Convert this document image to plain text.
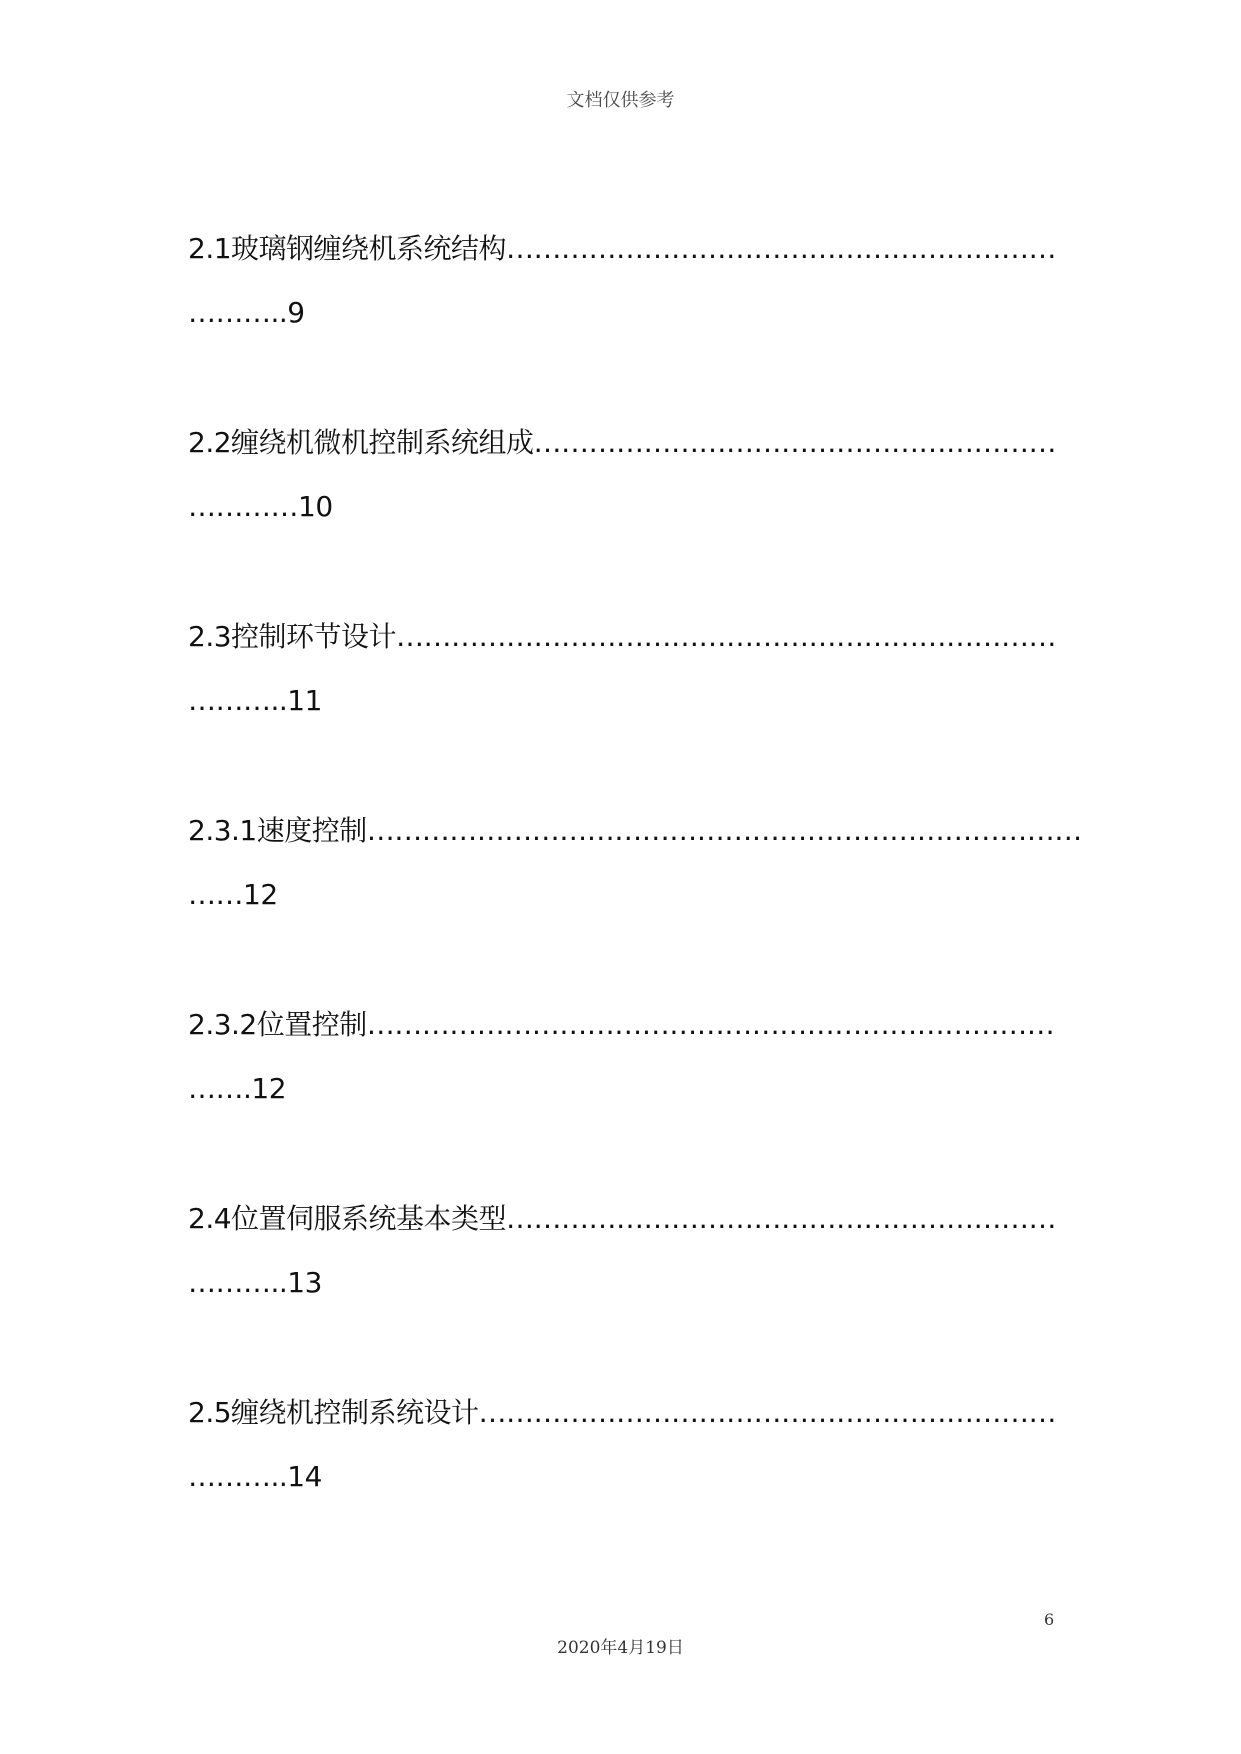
文档仅供参考
2.1玻璃钢缠绕机系统结构……………………………………………………
………..9
2.2缠绕机微机控制系统组成…………………………………………………
…………10
2.3控制环节设计………………………………………………………………
………..11
2.3.1速度控制……………………………………………………………………
……12
2.3.2位置控制…………………………………………………………………
…….12
2.4位置伺服系统基本类型……………………………………………………
………..13
2.5缠绕机控制系统设计………………………………………………………
………..14
6
2020年4月19日
